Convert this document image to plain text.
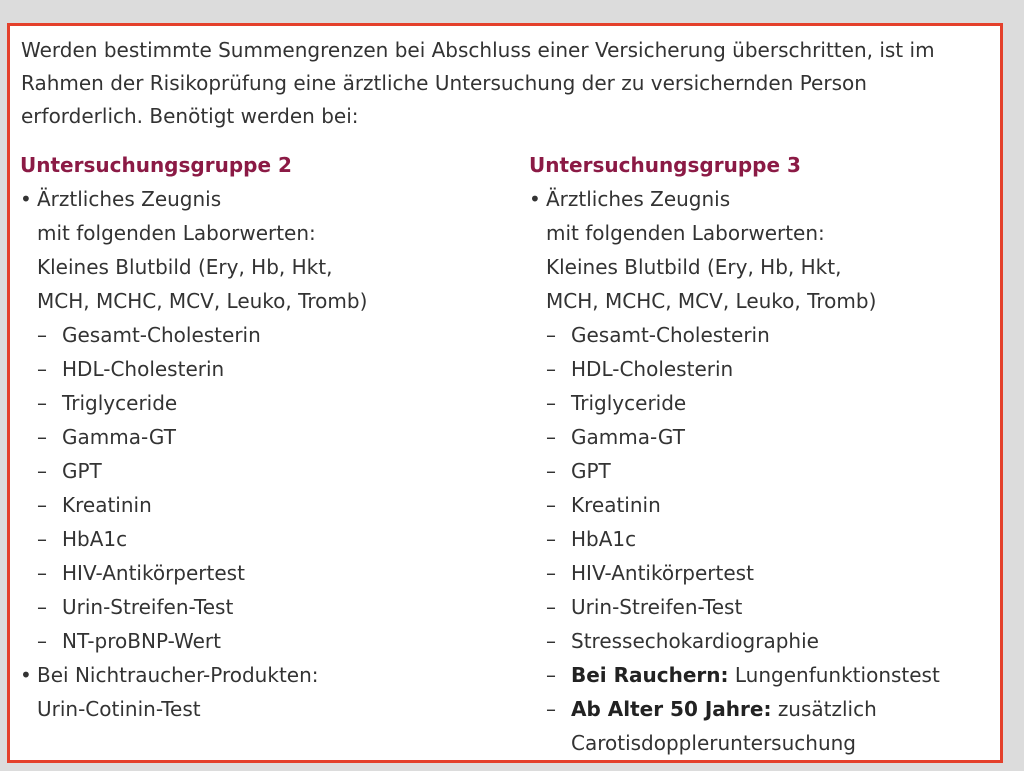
Werden bestimmte Summengrenzen bei Abschluss einer Versicherung überschritten, ist im
Rahmen der Risikoprüfung eine ärztliche Untersuchung der zu versichernden Person
erforderlich. Benötigt werden bei:

Untersuchungsgruppe 2
• Ärztliches Zeugnis
mit folgenden Laborwerten:
Kleines Blutbild (Ery, Hb, Hkt,
MCH, MCHC, MCV, Leuko, Tromb)
– Gesamt-Cholesterin
– HDL-Cholesterin
– Triglyceride
– Gamma-GT
– GPT
– Kreatinin
– HbA1c
– HIV-Antikörpertest
– Urin-Streifen-Test
– NT-proBNP-Wert
• Bei Nichtraucher-Produkten:
Urin-Cotinin-Test
Untersuchungsgruppe 3
• Ärztliches Zeugnis
mit folgenden Laborwerten:
Kleines Blutbild (Ery, Hb, Hkt,
MCH, MCHC, MCV, Leuko, Tromb)
– Gesamt-Cholesterin
– HDL-Cholesterin
– Triglyceride
– Gamma-GT
– GPT
– Kreatinin
– HbA1c
– HIV-Antikörpertest
– Urin-Streifen-Test
– Stressechokardiographie
– Bei Rauchern: Lungenfunktionstest
– Ab Alter 50 Jahre: zusätzlich
Carotisdoppleruntersuchung
